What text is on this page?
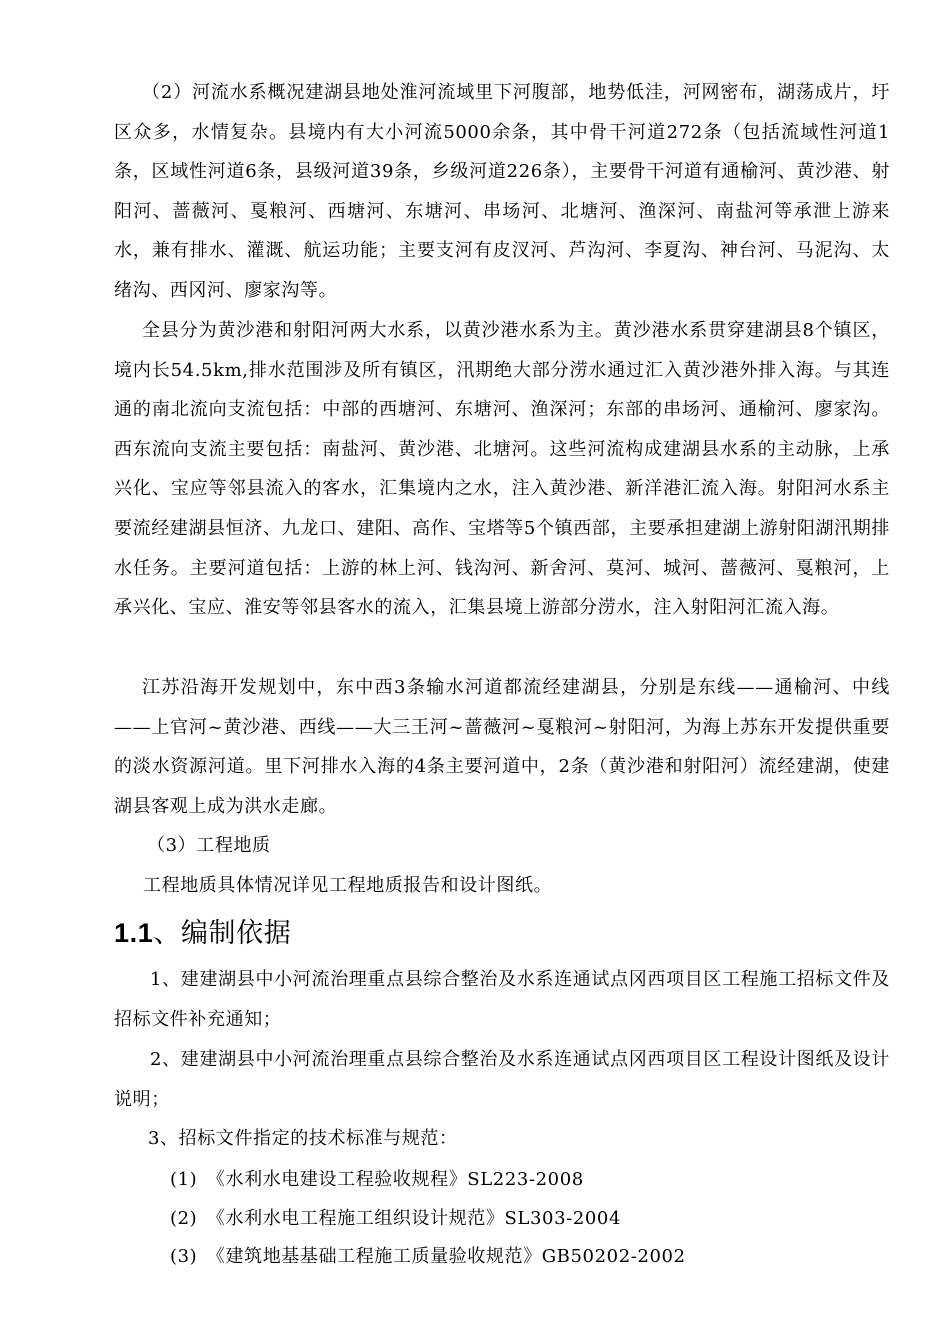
（2）河流水系概况建湖县地处淮河流域里下河腹部，地势低洼，河网密布，湖荡成片，圩区众多，水情复杂。县境内有大小河流5000余条，其中骨干河道272条（包括流域性河道1条，区域性河道6条，县级河道39条，乡级河道226条），主要骨干河道有通榆河、黄沙港、射阳河、蔷薇河、戛粮河、西塘河、东塘河、串场河、北塘河、渔深河、南盐河等承泄上游来水，兼有排水、灌溉、航运功能；主要支河有皮汊河、芦沟河、李夏沟、神台河、马泥沟、太绪沟、西冈河、廖家沟等。

全县分为黄沙港和射阳河两大水系，以黄沙港水系为主。黄沙港水系贯穿建湖县8个镇区，境内长54.5km,排水范围涉及所有镇区，汛期绝大部分涝水通过汇入黄沙港外排入海。与其连通的南北流向支流包括：中部的西塘河、东塘河、渔深河；东部的串场河、通榆河、廖家沟。西东流向支流主要包括：南盐河、黄沙港、北塘河。这些河流构成建湖县水系的主动脉，上承兴化、宝应等邻县流入的客水，汇集境内之水，注入黄沙港、新洋港汇流入海。射阳河水系主要流经建湖县恒济、九龙口、建阳、高作、宝塔等5个镇西部，主要承担建湖上游射阳湖汛期排水任务。主要河道包括：上游的林上河、钱沟河、新舍河、莫河、城河、蔷薇河、戛粮河，上承兴化、宝应、淮安等邻县客水的流入，汇集县境上游部分涝水，注入射阳河汇流入海。

江苏沿海开发规划中，东中西3条输水河道都流经建湖县，分别是东线——通榆河、中线——上官河~黄沙港、西线——大三王河~蔷薇河~戛粮河~射阳河，为海上苏东开发提供重要的淡水资源河道。里下河排水入海的4条主要河道中，2条（黄沙港和射阳河）流经建湖，使建湖县客观上成为洪水走廊。

（3）工程地质

工程地质具体情况详见工程地质报告和设计图纸。

1.1、编制依据

1、建建湖县中小河流治理重点县综合整治及水系连通试点冈西项目区工程施工招标文件及招标文件补充通知；

2、建建湖县中小河流治理重点县综合整治及水系连通试点冈西项目区工程设计图纸及设计说明；

3、招标文件指定的技术标准与规范：

(1)　《水利水电建设工程验收规程》SL223-2008

(2)　《水利水电工程施工组织设计规范》SL303-2004

(3)　《建筑地基基础工程施工质量验收规范》GB50202-2002
